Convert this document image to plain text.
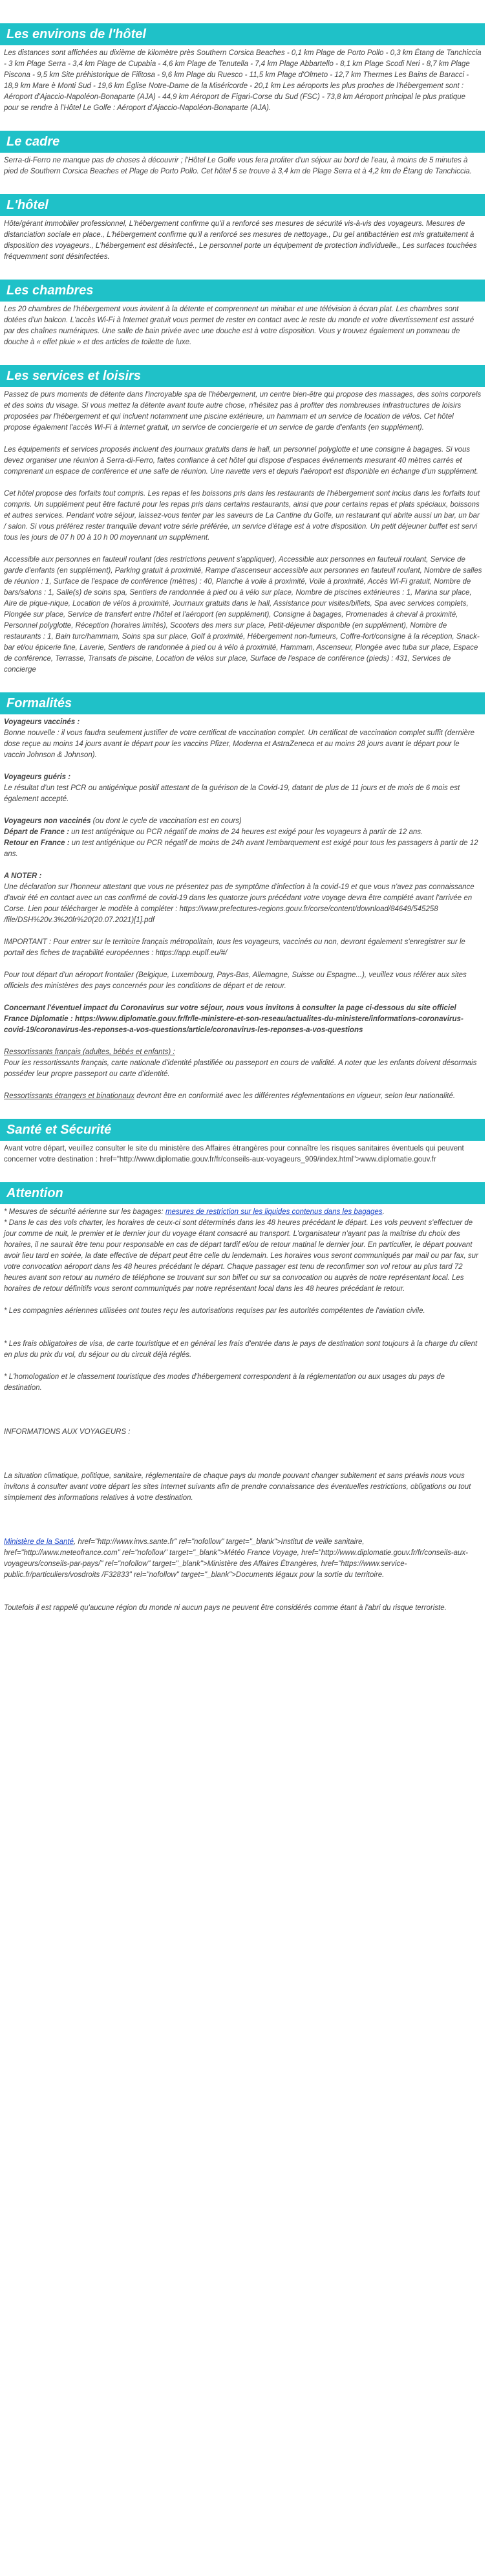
Les environs de l'hôtel

Les distances sont affichées au dixième de kilomètre près Southern Corsica Beaches - 0,1 km Plage de Porto Pollo - 0,3 km Étang de Tanchiccia - 3 km Plage Serra - 3,4 km Plage de Cupabia - 4,6 km Plage de Tenutella - 7,4 km Plage Abbartello - 8,1 km Plage Scodi Neri - 8,7 km Plage Piscona - 9,5 km Site préhistorique de Filitosa - 9,6 km Plage du Ruesco - 11,5 km Plage d'Olmeto - 12,7 km Thermes Les Bains de Baracci - 18,9 km Mare è Monti Sud - 19,6 km Église Notre-Dame de la Miséricorde - 20,1 km Les aéroports les plus proches de l'hébergement sont : Aéroport d'Ajaccio-Napoléon-Bonaparte (AJA) - 44,9 km Aéroport de Figari-Corse du Sud (FSC) - 73,8 km Aéroport principal le plus pratique pour se rendre à l'Hôtel Le Golfe : Aéroport d'Ajaccio-Napoléon-Bonaparte (AJA).

Le cadre

Serra-di-Ferro ne manque pas de choses à découvrir ; l'Hôtel Le Golfe vous fera profiter d'un séjour au bord de l'eau, à moins de 5 minutes à pied de Southern Corsica Beaches et Plage de Porto Pollo. Cet hôtel 5 se trouve à 3,4 km de Plage Serra et à 4,2 km de Étang de Tanchiccia.

L'hôtel

Hôte/gérant immobilier professionnel, L'hébergement confirme qu'il a renforcé ses mesures de sécurité vis-à-vis des voyageurs. Mesures de distanciation sociale en place., L'hébergement confirme qu'il a renforcé ses mesures de nettoyage., Du gel antibactérien est mis gratuitement à disposition des voyageurs., L'hébergement est désinfecté., Le personnel porte un équipement de protection individuelle., Les surfaces touchées fréquemment sont désinfectées.

Les chambres

Les 20 chambres de l'hébergement vous invitent à la détente et comprennent un minibar et une télévision à écran plat. Les chambres sont dotées d'un balcon. L'accès Wi-Fi à Internet gratuit vous permet de rester en contact avec le reste du monde et votre divertissement est assuré par des chaînes numériques. Une salle de bain privée avec une douche est à votre disposition. Vous y trouvez également un pommeau de douche à « effet pluie » et des articles de toilette de luxe.

Les services et loisirs

Passez de purs moments de détente dans l'incroyable spa de l'hébergement, un centre bien-être qui propose des massages, des soins corporels et des soins du visage. Si vous mettez la détente avant toute autre chose, n'hésitez pas à profiter des nombreuses infrastructures de loisirs proposées par l'hébergement et qui incluent notamment une piscine extérieure, un hammam et un service de location de vélos. Cet hôtel propose également l'accès Wi-Fi à Internet gratuit, un service de conciergerie et un service de garde d'enfants (en supplément).

Les équipements et services proposés incluent des journaux gratuits dans le hall, un personnel polyglotte et une consigne à bagages. Si vous devez organiser une réunion à Serra-di-Ferro, faites confiance à cet hôtel qui dispose d'espaces événements mesurant 40 mètres carrés et comprenant un espace de conférence et une salle de réunion. Une navette vers et depuis l'aéroport est disponible en échange d'un supplément.

Cet hôtel propose des forfaits tout compris. Les repas et les boissons pris dans les restaurants de l'hébergement sont inclus dans les forfaits tout compris. Un supplément peut être facturé pour les repas pris dans certains restaurants, ainsi que pour certains repas et plats spéciaux, boissons et autres services. Pendant votre séjour, laissez-vous tenter par les saveurs de La Cantine du Golfe, un restaurant qui abrite aussi un bar, un bar / salon. Si vous préférez rester tranquille devant votre série préférée, un service d'étage est à votre disposition. Un petit déjeuner buffet est servi tous les jours de 07 h 00 à 10 h 00 moyennant un supplément.

Accessible aux personnes en fauteuil roulant (des restrictions peuvent s'appliquer), Accessible aux personnes en fauteuil roulant, Service de garde d'enfants (en supplément), Parking gratuit à proximité, Rampe d'ascenseur accessible aux personnes en fauteuil roulant, Nombre de salles de réunion : 1, Surface de l'espace de conférence (mètres) : 40, Planche à voile à proximité, Voile à proximité, Accès Wi-Fi gratuit, Nombre de bars/salons : 1, Salle(s) de soins spa, Sentiers de randonnée à pied ou à vélo sur place, Nombre de piscines extérieures : 1, Marina sur place, Aire de pique-nique, Location de vélos à proximité, Journaux gratuits dans le hall, Assistance pour visites/billets, Spa avec services complets, Plongée sur place, Service de transfert entre l'hôtel et l'aéroport (en supplément), Consigne à bagages, Promenades à cheval à proximité, Personnel polyglotte, Réception (horaires limités), Scooters des mers sur place, Petit-déjeuner disponible (en supplément), Nombre de restaurants : 1, Bain turc/hammam, Soins spa sur place, Golf à proximité, Hébergement non-fumeurs, Coffre-fort/consigne à la réception, Snack-bar et/ou épicerie fine, Laverie, Sentiers de randonnée à pied ou à vélo à proximité, Hammam, Ascenseur, Plongée avec tuba sur place, Espace de conférence, Terrasse, Transats de piscine, Location de vélos sur place, Surface de l'espace de conférence (pieds) : 431, Services de concierge

Formalités
Voyageurs vaccinés :
Bonne nouvelle : il vous faudra seulement justifier de votre certificat de vaccination complet. Un certificat de vaccination complet suffit (dernière dose reçue au moins 14 jours avant le départ pour les vaccins Pfizer, Moderna et AstraZeneca et au moins 28 jours avant le départ pour le vaccin Johnson & Johnson).
Voyageurs guéris :
Le résultat d'un test PCR ou antigénique positif attestant de la guérison de la Covid-19, datant de plus de 11 jours et de mois de 6 mois est également accepté.
Voyageurs non vaccinés (ou dont le cycle de vaccination est en cours)
Départ de France : un test antigénique ou PCR négatif de moins de 24 heures est exigé pour les voyageurs à partir de 12 ans.
Retour en France : un test antigénique ou PCR négatif de moins de 24h avant l'embarquement est exigé pour tous les passagers à partir de 12 ans.
A NOTER :
Une déclaration sur l'honneur attestant que vous ne présentez pas de symptôme d'infection à la covid-19 et que vous n'avez pas connaissance d'avoir été en contact avec un cas confirmé de covid-19 dans les quatorze jours précédant votre voyage devra être complété avant l'arrivée en Corse. Lien pour télécharger le modèle à compléter : https://www.prefectures-regions.gouv.fr/corse/content/download/84649/545258 /file/DSH%20v.3%20fr%20(20.07.2021)[1].pdf
IMPORTANT : Pour entrer sur le territoire français métropolitain, tous les voyageurs, vaccinés ou non, devront également s'enregistrer sur le portail des fiches de traçabilité européennes : https://app.euplf.eu/#/
Pour tout départ d'un aéroport frontalier (Belgique, Luxembourg, Pays-Bas, Allemagne, Suisse ou Espagne...), veuillez vous référer aux sites officiels des ministères des pays concernés pour les conditions de départ et de retour.
Concernant l'éventuel impact du Coronavirus sur votre séjour, nous vous invitons à consulter la page ci-dessous du site officiel France Diplomatie : https://www.diplomatie.gouv.fr/fr/le-ministere-et-son-reseau/actualites-du-ministere/informations-coronavirus-covid-19/coronavirus-les-reponses-a-vos-questions/article/coronavirus-les-reponses-a-vos-questions
Ressortissants français (adultes, bébés et enfants) :
Pour les ressortissants français, carte nationale d'identité plastifiée ou passeport en cours de validité. A noter que les enfants doivent désormais posséder leur propre passeport ou carte d'identité.
Ressortissants étrangers et binationaux devront être en conformité avec les différentes réglementations en vigueur, selon leur nationalité.
Santé et Sécurité

Avant votre départ, veuillez consulter le site du ministère des Affaires étrangères pour connaître les risques sanitaires éventuels qui peuvent concerner votre destination : href="http://www.diplomatie.gouv.fr/fr/conseils-aux-voyageurs_909/index.html">www.diplomatie.gouv.fr

Attention
* Mesures de sécurité aérienne sur les bagages: mesures de restriction sur les liquides contenus dans les bagages.
* Dans le cas des vols charter, les horaires de ceux-ci sont déterminés dans les 48 heures précédant le départ. Les vols peuvent s'effectuer de jour comme de nuit, le premier et le dernier jour du voyage étant consacré au transport. L'organisateur n'ayant pas la maîtrise du choix des horaires, il ne saurait être tenu pour responsable en cas de départ tardif et/ou de retour matinal le dernier jour. En particulier, le départ pouvant avoir lieu tard en soirée, la date effective de départ peut être celle du lendemain. Les horaires vous seront communiqués par mail ou par fax, sur votre convocation aéroport dans les 48 heures précédant le départ. Chaque passager est tenu de reconfirmer son vol retour au plus tard 72 heures avant son retour au numéro de téléphone se trouvant sur son billet ou sur sa convocation ou auprès de notre représentant local. Les horaires de retour définitifs vous seront communiqués par notre représentant local dans les 48 heures précédant le retour.
* Les compagnies aériennes utilisées ont toutes reçu les autorisations requises par les autorités compétentes de l'aviation civile.
* Les frais obligatoires de visa, de carte touristique et en général les frais d'entrée dans le pays de destination sont toujours à la charge du client en plus du prix du vol, du séjour ou du circuit déjà réglés.
* L'homologation et le classement touristique des modes d'hébergement correspondent à la réglementation ou aux usages du pays de destination.
INFORMATIONS AUX VOYAGEURS :
La situation climatique, politique, sanitaire, réglementaire de chaque pays du monde pouvant changer subitement et sans préavis nous vous invitons à consulter avant votre départ les sites Internet suivants afin de prendre connaissance des éventuelles restrictions, obligations ou tout simplement des informations relatives à votre destination.
Ministère de la Santé, href="http://www.invs.sante.fr" rel="nofollow" target="_blank">Institut de veille sanitaire, href="http://www.meteofrance.com" rel="nofollow" target="_blank">Météo France Voyage, href="http://www.diplomatie.gouv.fr/fr/conseils-aux-voyageurs/conseils-par-pays/" rel="nofollow" target="_blank">Ministère des Affaires Étrangères, href="https://www.service-public.fr/particuliers/vosdroits /F32833" rel="nofollow" target="_blank">Documents légaux pour la sortie du territoire.
Toutefois il est rappelé qu'aucune région du monde ni aucun pays ne peuvent être considérés comme étant à l'abri du risque terroriste.
